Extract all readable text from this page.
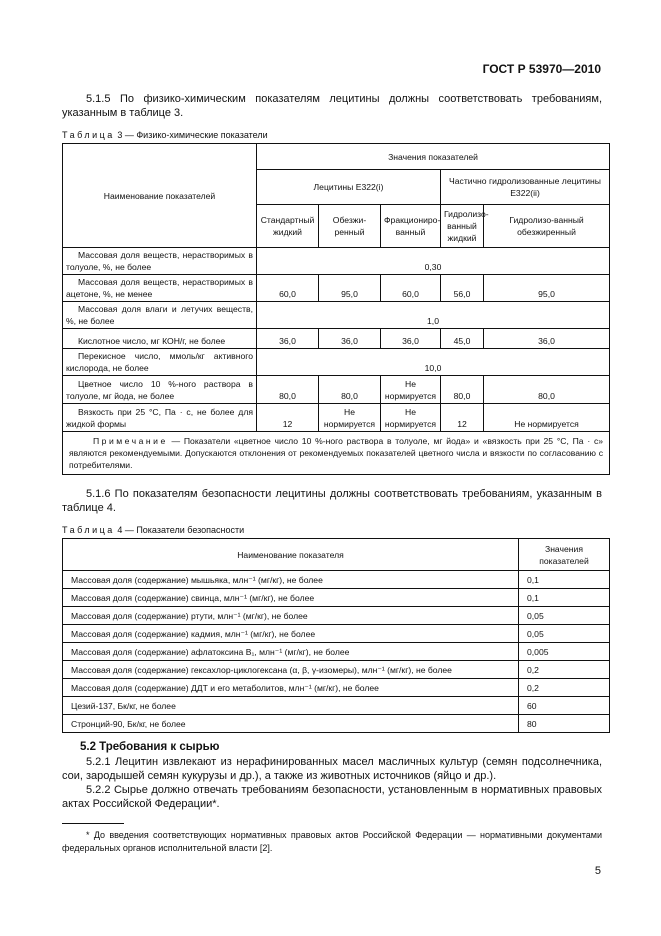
ГОСТ Р 53970—2010
5.1.5 По физико-химическим показателям лецитины должны соответствовать требованиям, указанным в таблице 3.
Таблица 3 — Физико-химические показатели
Наименование показателей	Значения показателей				
	Лецитины E322(i)			Частично гидролизованные лецитины E322(ii)	
	Стандартный жидкий	Обезжи-ренный	Фракциониро-ванный	Гидролизо-ванный жидкий	Гидролизо-ванный обезжиренный
Массовая доля веществ, нерастворимых в толуоле, %, не более	0,30				
Массовая доля веществ, нерастворимых в ацетоне, %, не менее	60,0	95,0	60,0	56,0	95,0
Массовая доля влаги и летучих веществ, %, не более	1,0				
Кислотное число, мг КОН/г, не более	36,0	36,0	36,0	45,0	36,0
Перекисное число, ммоль/кг активного кислорода, не более	10,0				
Цветное число 10 %-ного раствора в толуоле, мг йода, не более	80,0	80,0	Не нормируется	80,0	80,0
Вязкость при 25 °С, Па · с, не более для жидкой формы	12	Не нормируется	Не нормируется	12	Не нормируется
Примечание — Показатели «цветное число 10 %-ного раствора в толуоле, мг йода» и «вязкость при 25 °С, Па · с» являются рекомендуемыми. Допускаются отклонения от рекомендуемых показателей цветного числа и вязкости по согласованию с потребителями.					
5.1.6 По показателям безопасности лецитины должны соответствовать требованиям, указанным в таблице 4.
Таблица 4 — Показатели безопасности
Наименование показателя	Значения показателей
Массовая доля (содержание) мышьяка, млн⁻¹ (мг/кг), не более	0,1
Массовая доля (содержание) свинца, млн⁻¹ (мг/кг), не более	0,1
Массовая доля (содержание) ртути, млн⁻¹ (мг/кг), не более	0,05
Массовая доля (содержание) кадмия, млн⁻¹ (мг/кг), не более	0,05
Массовая доля (содержание) афлатоксина B₁, млн⁻¹ (мг/кг), не более	0,005
Массовая доля (содержание) гексахлор-циклогексана (α, β, γ-изомеры), млн⁻¹ (мг/кг), не более	0,2
Массовая доля (содержание) ДДТ и его метаболитов, млн⁻¹ (мг/кг), не более	0,2
Цезий-137, Бк/кг, не более	60
Стронций-90, Бк/кг, не более	80
5.2 Требования к сырью
5.2.1 Лецитин извлекают из нерафинированных масел масличных культур (семян подсолнечника, сои, зародышей семян кукурузы и др.), а также из животных источников (яйцо и др.).
5.2.2 Сырье должно отвечать требованиям безопасности, установленным в нормативных правовых актах Российской Федерации*.
* До введения соответствующих нормативных правовых актов Российской Федерации — нормативными документами федеральных органов исполнительной власти [2].
5
